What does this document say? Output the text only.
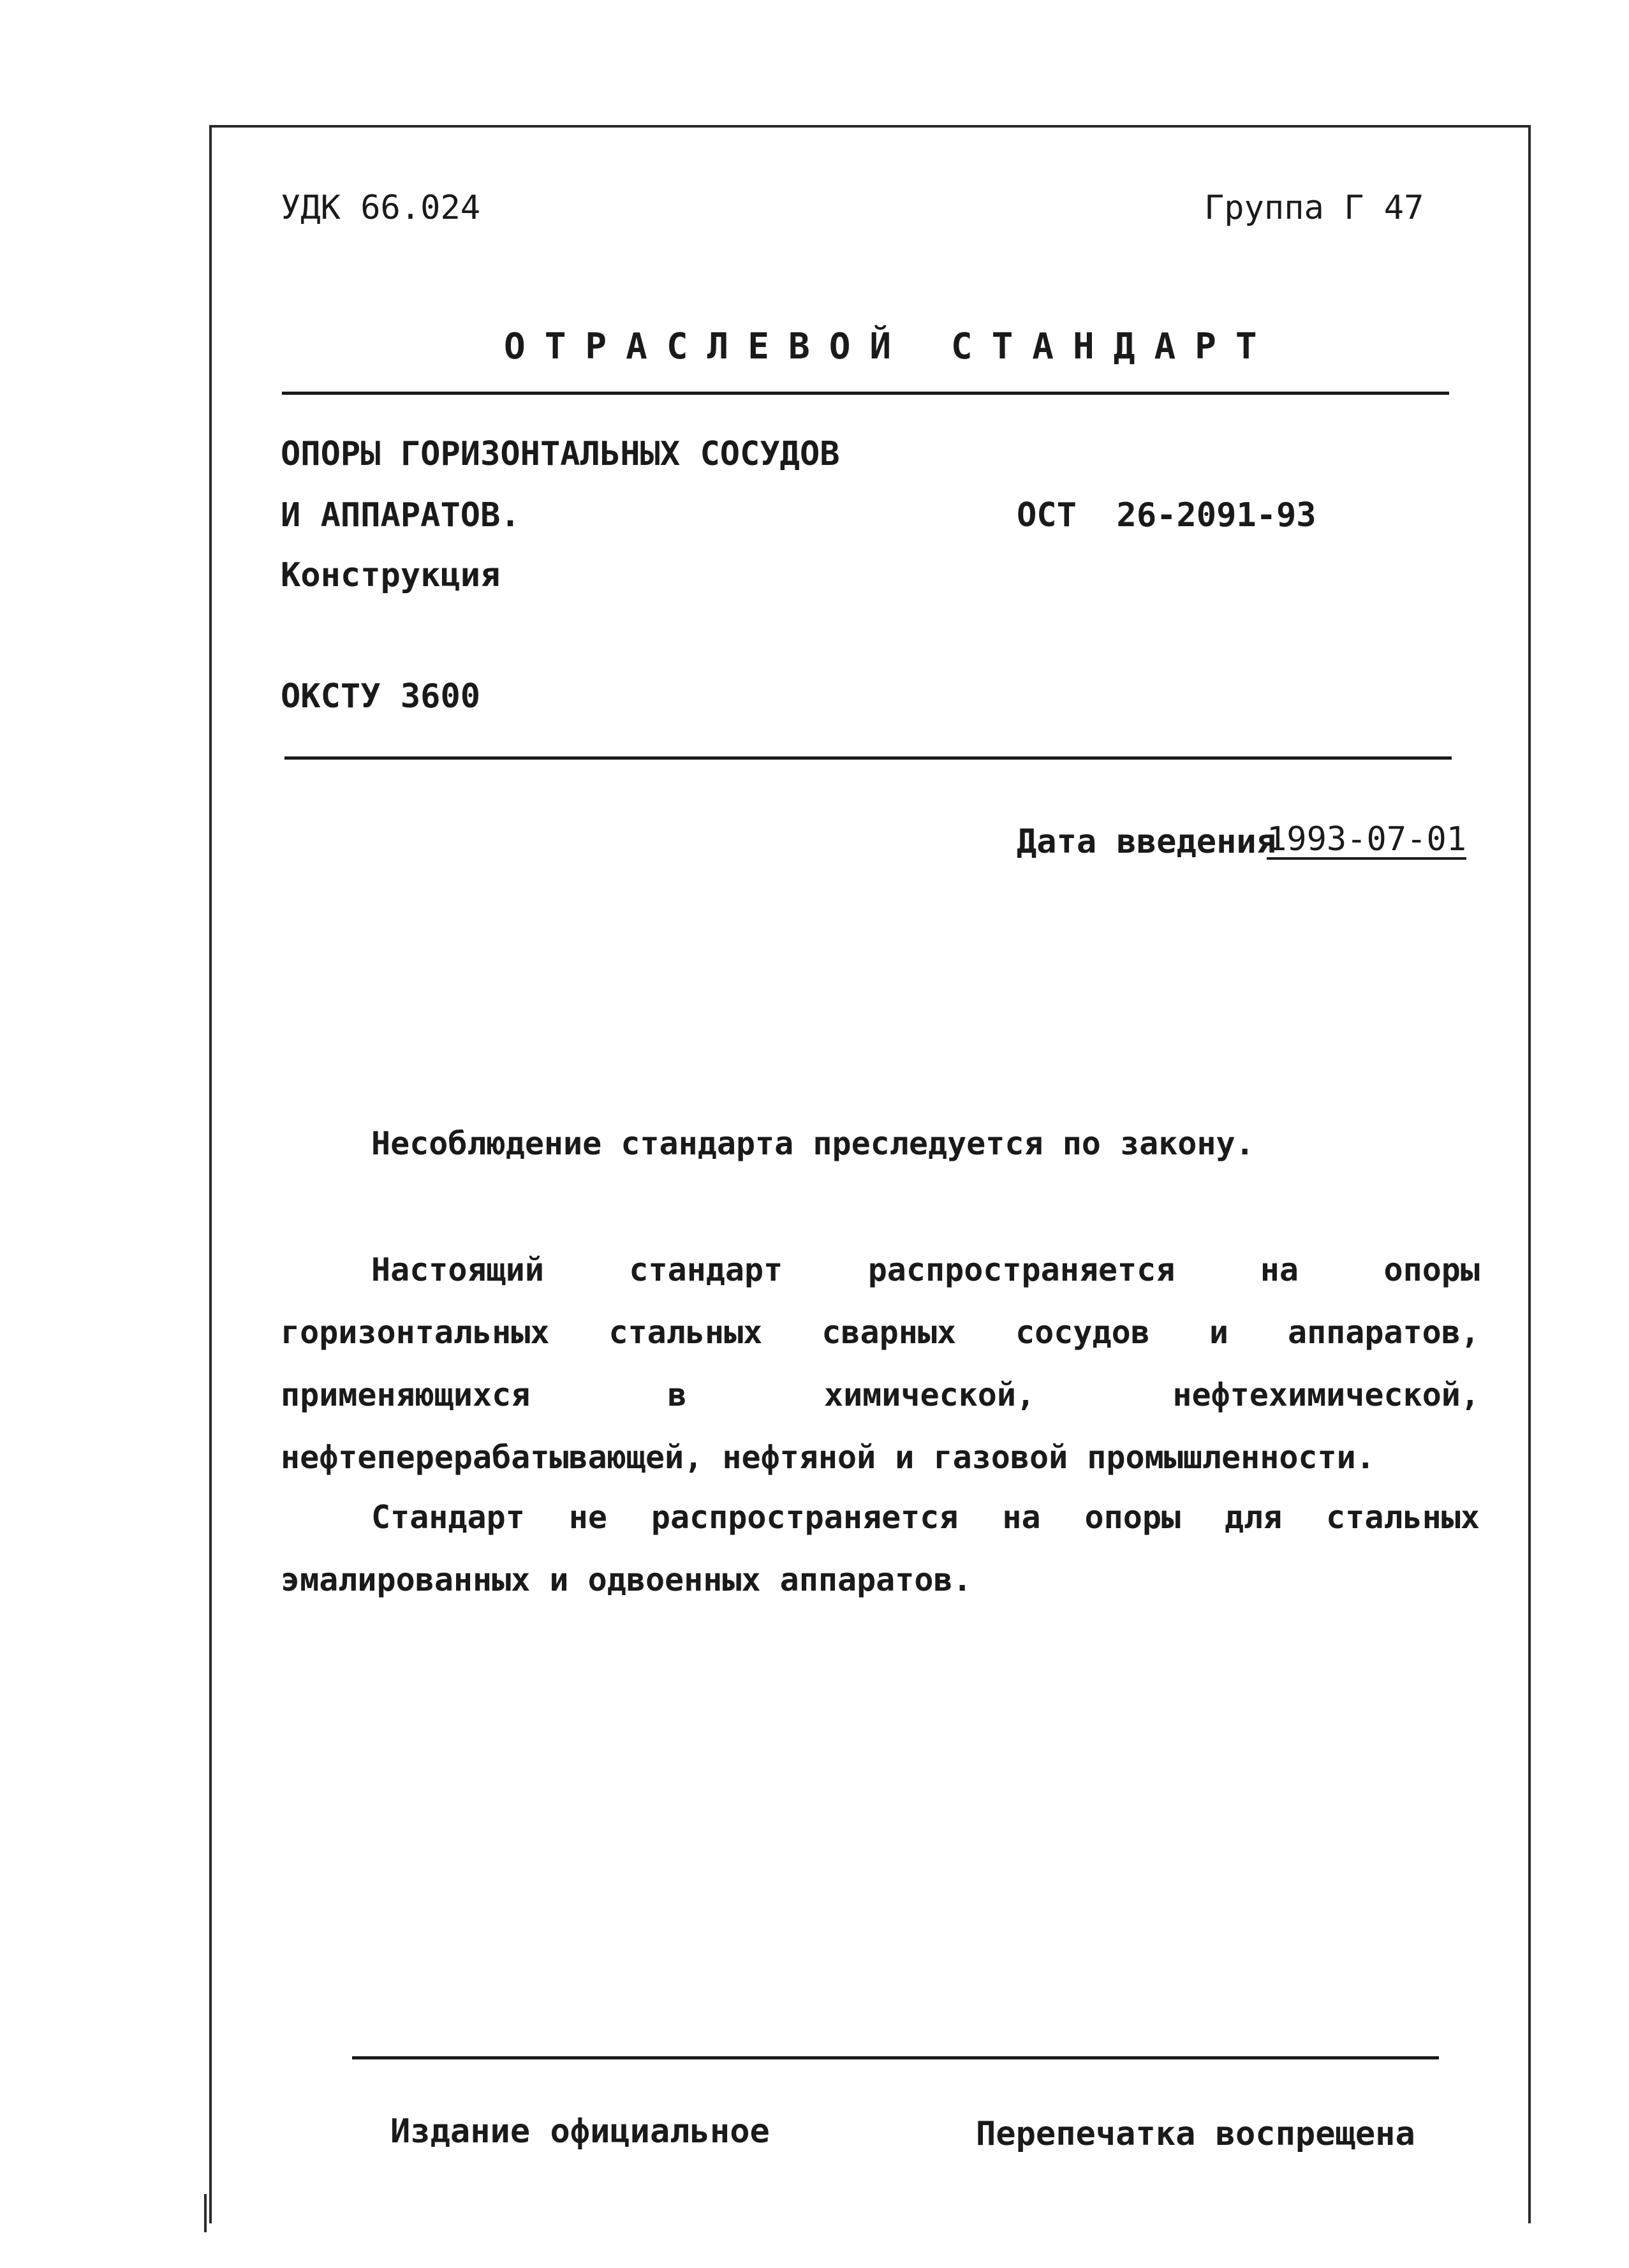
УДК 66.024	Группа Г 47
ОТРАСЛЕВОЙ СТАНДАРТ
ОПОРЫ ГОРИЗОНТАЛЬНЫХ СОСУДОВ
И АППАРАТОВ.
Конструкция
ОСТ  26-2091-93
ОКСТУ 3600
Дата введения
1993-07-01
Несоблюдение стандарта преследуется по закону.
Настоящий стандарт распространяется на опоры горизонтальных стальных сварных сосудов и аппаратов, применяющихся в химической, нефтехимической, нефтеперерабатывающей, нефтяной и газовой промышленности.
Стандарт не распространяется на опоры для стальных эмалированных и одвоенных аппаратов.
Издание официальное	Перепечатка воспрещена
